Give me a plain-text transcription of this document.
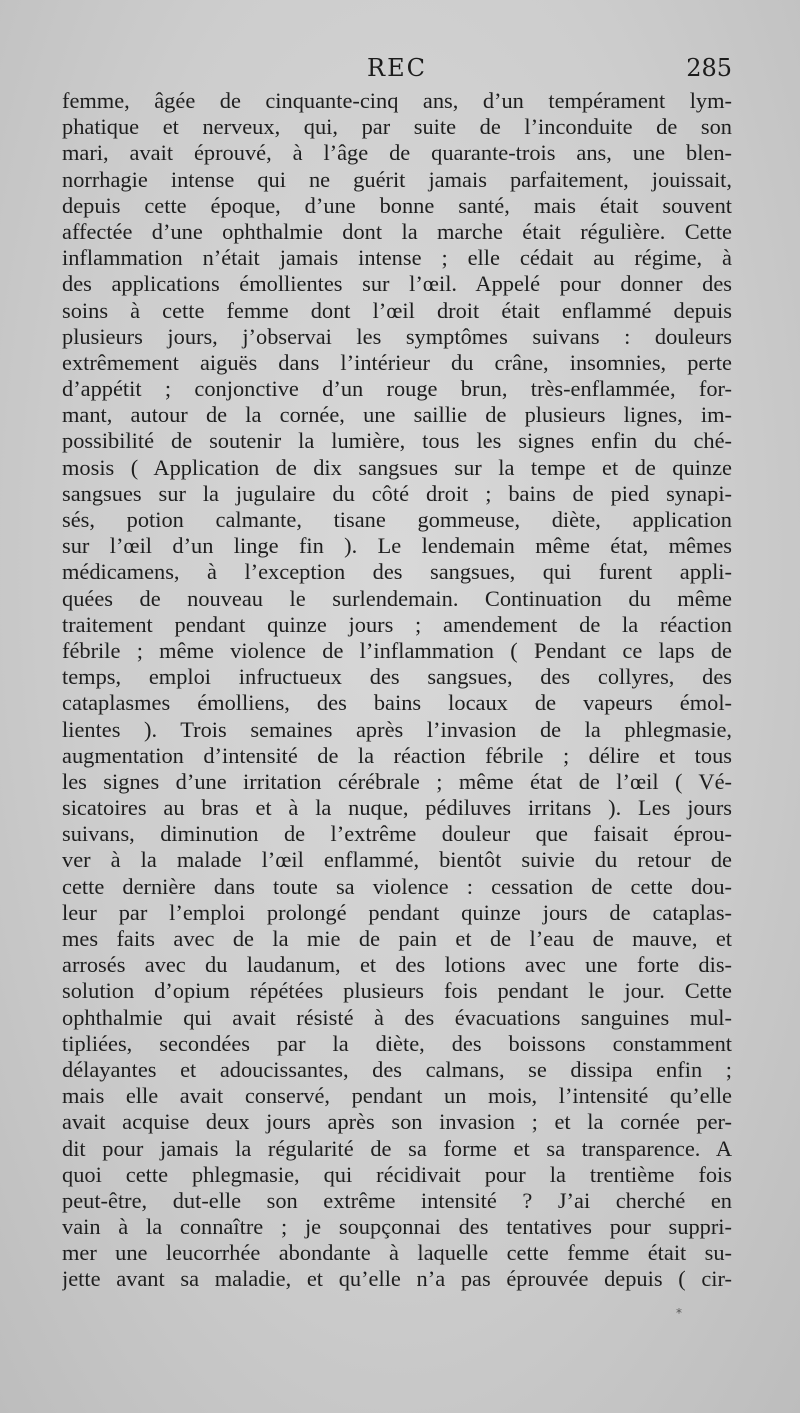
REC	285
femme, âgée de cinquante-cinq ans, d’un tempérament lym-
phatique et nerveux, qui, par suite de l’inconduite de son
mari, avait éprouvé, à l’âge de quarante-trois ans, une blen-
norrhagie intense qui ne guérit jamais parfaitement, jouissait,
depuis cette époque, d’une bonne santé, mais était souvent
affectée d’une ophthalmie dont la marche était régulière. Cette
inflammation n’était jamais intense ; elle cédait au régime, à
des applications émollientes sur l’œil. Appelé pour donner des
soins à cette femme dont l’œil droit était enflammé depuis
plusieurs jours, j’observai les symptômes suivans : douleurs
extrêmement aiguës dans l’intérieur du crâne, insomnies, perte
d’appétit ; conjonctive d’un rouge brun, très-enflammée, for-
mant, autour de la cornée, une saillie de plusieurs lignes, im-
possibilité de soutenir la lumière, tous les signes enfin du ché-
mosis ( Application de dix sangsues sur la tempe et de quinze
sangsues sur la jugulaire du côté droit ; bains de pied synapi-
sés, potion calmante, tisane gommeuse, diète, application
sur l’œil d’un linge fin ). Le lendemain même état, mêmes
médicamens, à l’exception des sangsues, qui furent appli-
quées de nouveau le surlendemain. Continuation du même
traitement pendant quinze jours ; amendement de la réaction
fébrile ; même violence de l’inflammation ( Pendant ce laps de
temps, emploi infructueux des sangsues, des collyres, des
cataplasmes émolliens, des bains locaux de vapeurs émol-
lientes ). Trois semaines après l’invasion de la phlegmasie,
augmentation d’intensité de la réaction fébrile ; délire et tous
les signes d’une irritation cérébrale ; même état de l’œil ( Vé-
sicatoires au bras et à la nuque, pédiluves irritans ). Les jours
suivans, diminution de l’extrême douleur que faisait éprou-
ver à la malade l’œil enflammé, bientôt suivie du retour de
cette dernière dans toute sa violence : cessation de cette dou-
leur par l’emploi prolongé pendant quinze jours de cataplas-
mes faits avec de la mie de pain et de l’eau de mauve, et
arrosés avec du laudanum, et des lotions avec une forte dis-
solution d’opium répétées plusieurs fois pendant le jour. Cette
ophthalmie qui avait résisté à des évacuations sanguines mul-
tipliées, secondées par la diète, des boissons constamment
délayantes et adoucissantes, des calmans, se dissipa enfin ;
mais elle avait conservé, pendant un mois, l’intensité qu’elle
avait acquise deux jours après son invasion ; et la cornée per-
dit pour jamais la régularité de sa forme et sa transparence. A
quoi cette phlegmasie, qui récidivait pour la trentième fois
peut-être, dut-elle son extrême intensité ? J’ai cherché en
vain à la connaître ; je soupçonnai des tentatives pour suppri-
mer une leucorrhée abondante à laquelle cette femme était su-
jette avant sa maladie, et qu’elle n’a pas éprouvée depuis ( cir-
*
